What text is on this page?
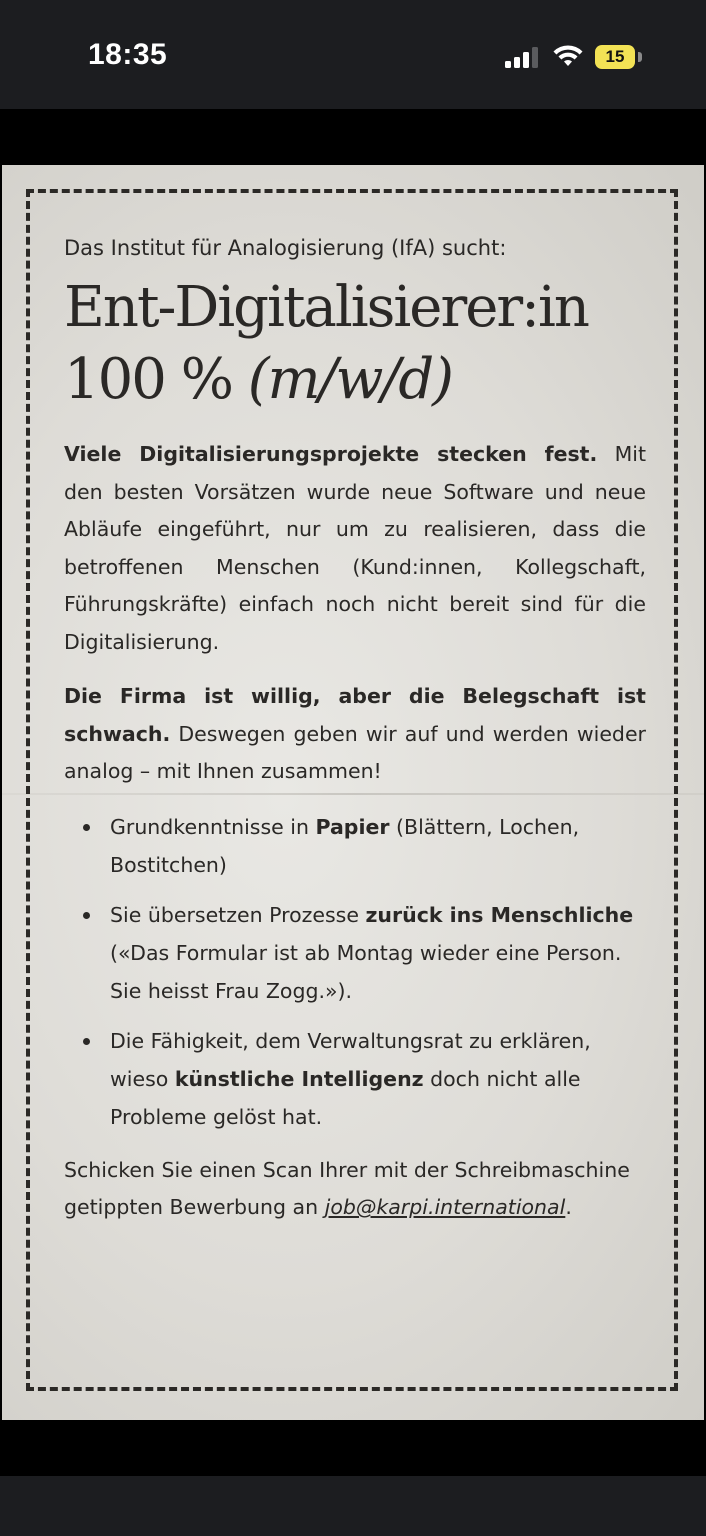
18:35	15

Das Institut für Analogisierung (IfA) sucht:

Ent-Digitalisierer:in
100 % (m/w/d)

Viele Digitalisierungsprojekte stecken fest. Mit den besten Vorsätzen wurde neue Software und neue Abläufe eingeführt, nur um zu realisieren, dass die betroffenen Menschen (Kund:innen, Kollegschaft, Führungskräfte) einfach noch nicht bereit sind für die Digitalisierung.

Die Firma ist willig, aber die Belegschaft ist schwach. Deswegen geben wir auf und werden wieder analog – mit Ihnen zusammen!

Grundkenntnisse in Papier (Blättern, Lochen, Bostitchen)
Sie übersetzen Prozesse zurück ins Menschliche («Das Formular ist ab Montag wieder eine Person. Sie heisst Frau Zogg.»).
Die Fähigkeit, dem Verwaltungsrat zu erklären, wieso künstliche Intelligenz doch nicht alle Probleme gelöst hat.

Schicken Sie einen Scan Ihrer mit der Schreibmaschine getippten Bewerbung an job@karpi.international.
